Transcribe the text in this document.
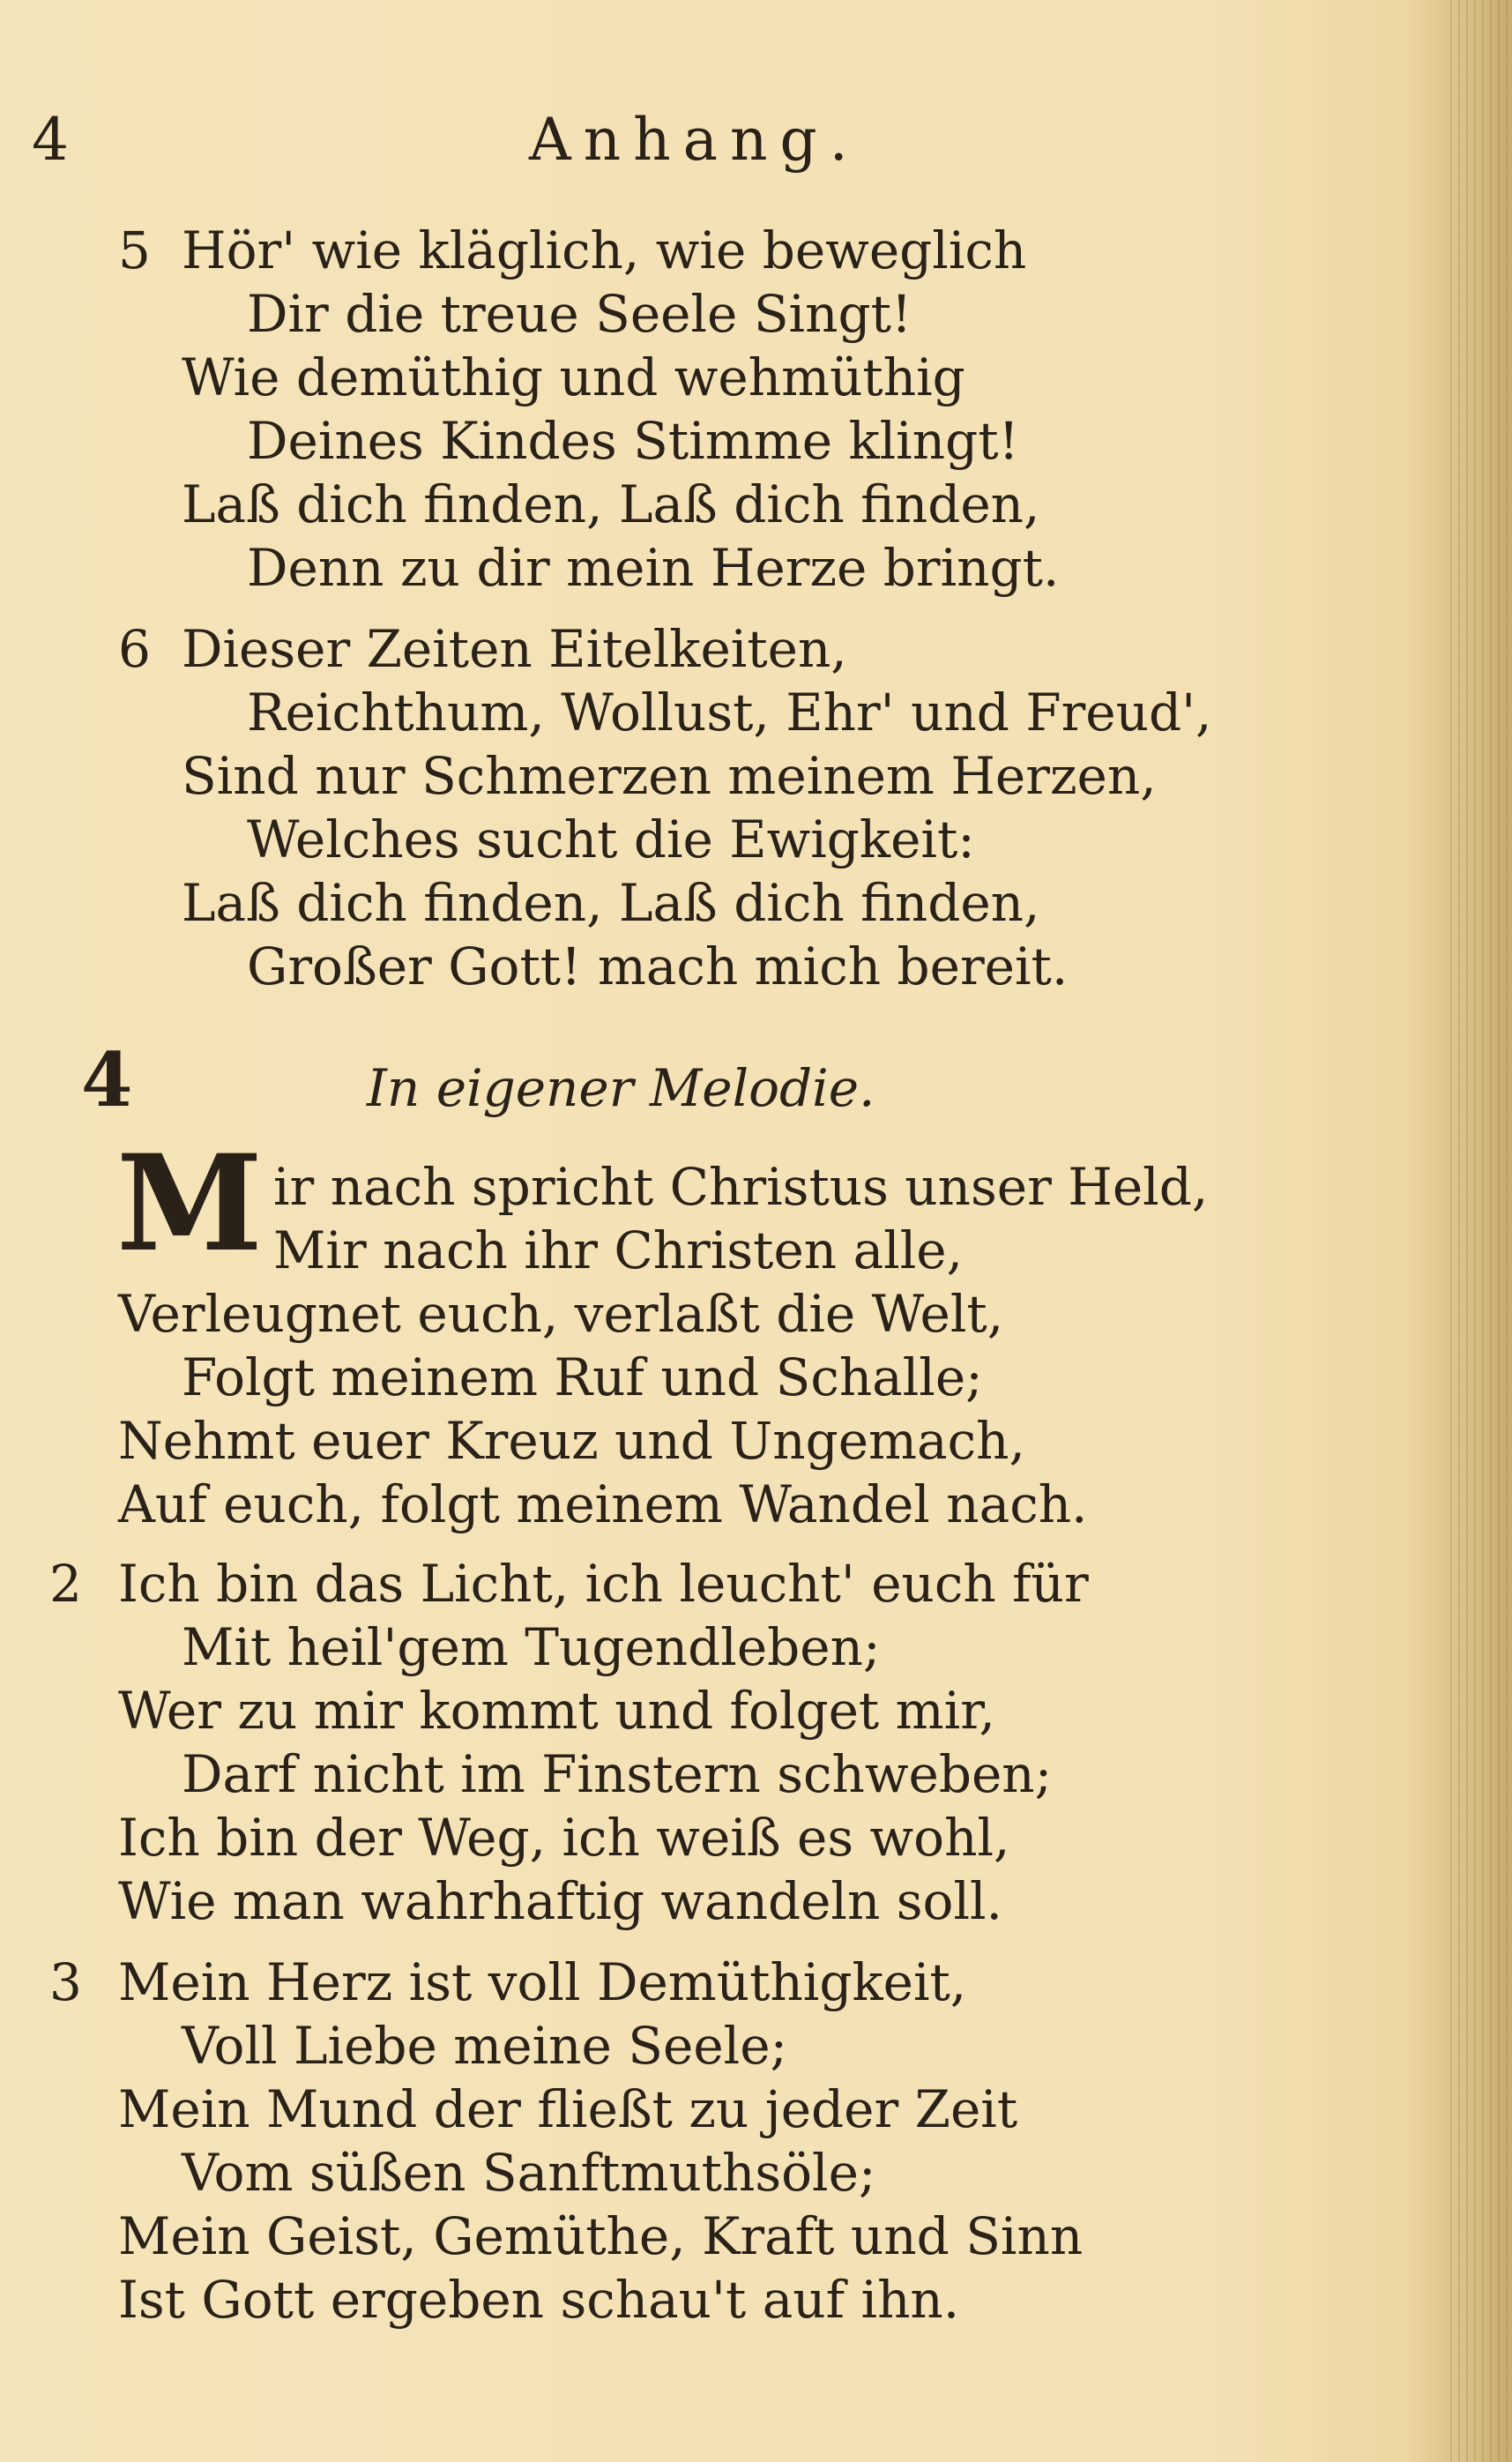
4	Anhang.
5 Hör' wie kläglich, wie beweglich
Dir die treue Seele Singt!
Wie demüthig und wehmüthig
Deines Kindes Stimme klingt!
Laß dich finden, Laß dich finden,
Denn zu dir mein Herze bringt.
6 Dieser Zeiten Eitelkeiten,
Reichthum, Wollust, Ehr' und Freud',
Sind nur Schmerzen meinem Herzen,
Welches sucht die Ewigkeit:
Laß dich finden, Laß dich finden,
Großer Gott! mach mich bereit.
4	In eigener Melodie.
M ir nach spricht Christus unser Held,
Mir nach ihr Christen alle,
Verleugnet euch, verlaßt die Welt,
Folgt meinem Ruf und Schalle;
Nehmt euer Kreuz und Ungemach,
Auf euch, folgt meinem Wandel nach.
2 Ich bin das Licht, ich leucht' euch für
Mit heil'gem Tugendleben;
Wer zu mir kommt und folget mir,
Darf nicht im Finstern schweben;
Ich bin der Weg, ich weiß es wohl,
Wie man wahrhaftig wandeln soll.
3 Mein Herz ist voll Demüthigkeit,
Voll Liebe meine Seele;
Mein Mund der fließt zu jeder Zeit
Vom süßen Sanftmuthsöle;
Mein Geist, Gemüthe, Kraft und Sinn
Ist Gott ergeben schau't auf ihn.
